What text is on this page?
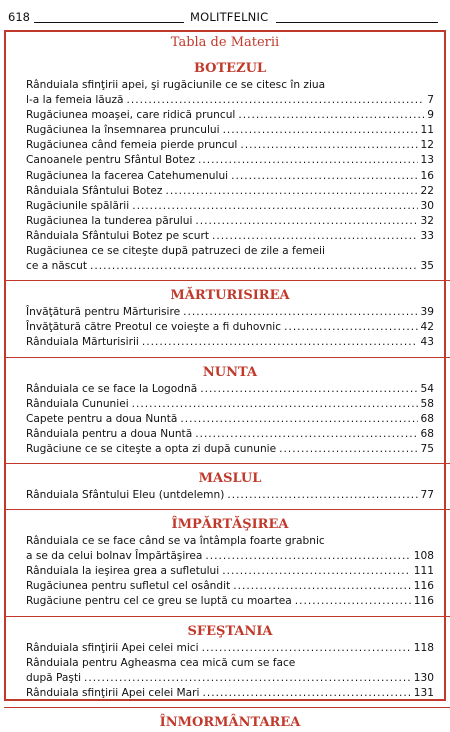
618	MOLITFELNIC
Tabla de Materii
BOTEZUL
Rânduiala sfinţirii apei, şi rugăciunile ce se citesc în ziua
l-a la femeia lăuză .....	7
Rugăciunea moaşei, care ridică pruncul .....	9
Rugăciunea la însemnarea pruncului .....	11
Rugăciunea când femeia pierde pruncul .....	12
Canoanele pentru Sfântul Botez .....	13
Rugăciunea la facerea Catehumenului .....	16
Rânduiala Sfântului Botez .....	22
Rugăciunile spălării .....	30
Rugăciunea la tunderea părului .....	32
Rânduiala Sfântului Botez pe scurt .....	33
Rugăciunea ce se citeşte după patruzeci de zile a femeii
ce a născut .....	35
MĂRTURISIREA
Învăţătură pentru Mărturisire .....	39
Învăţătură către Preotul ce voieşte a fi duhovnic .....	42
Rânduiala Mărturisirii .....	43
NUNTA
Rânduiala ce se face la Logodnă .....	54
Rânduiala Cununiei .....	58
Capete pentru a doua Nuntă .....	68
Rânduiala pentru a doua Nuntă .....	68
Rugăciune ce se citeşte a opta zi după cununie .....	75
MASLUL
Rânduiala Sfântului Eleu (untdelemn) .....	77
ÎMPĂRTĂŞIREA
Rânduiala ce se face când se va întâmpla foarte grabnic
a se da celui bolnav Împărtăşirea .....	108
Rânduiala la ieşirea grea a sufletului .....	111
Rugăciunea pentru sufletul cel osândit .....	116
Rugăciune pentru cel ce greu se luptă cu moartea .....	116
SFEŞTANIA
Rânduiala sfinţirii Apei celei mici .....	118
Rânduiala pentru Agheasma cea mică cum se face
după Paşti .....	130
Rânduiala sfinţirii Apei celei Mari .....	131
ÎNMORMÂNTAREA
